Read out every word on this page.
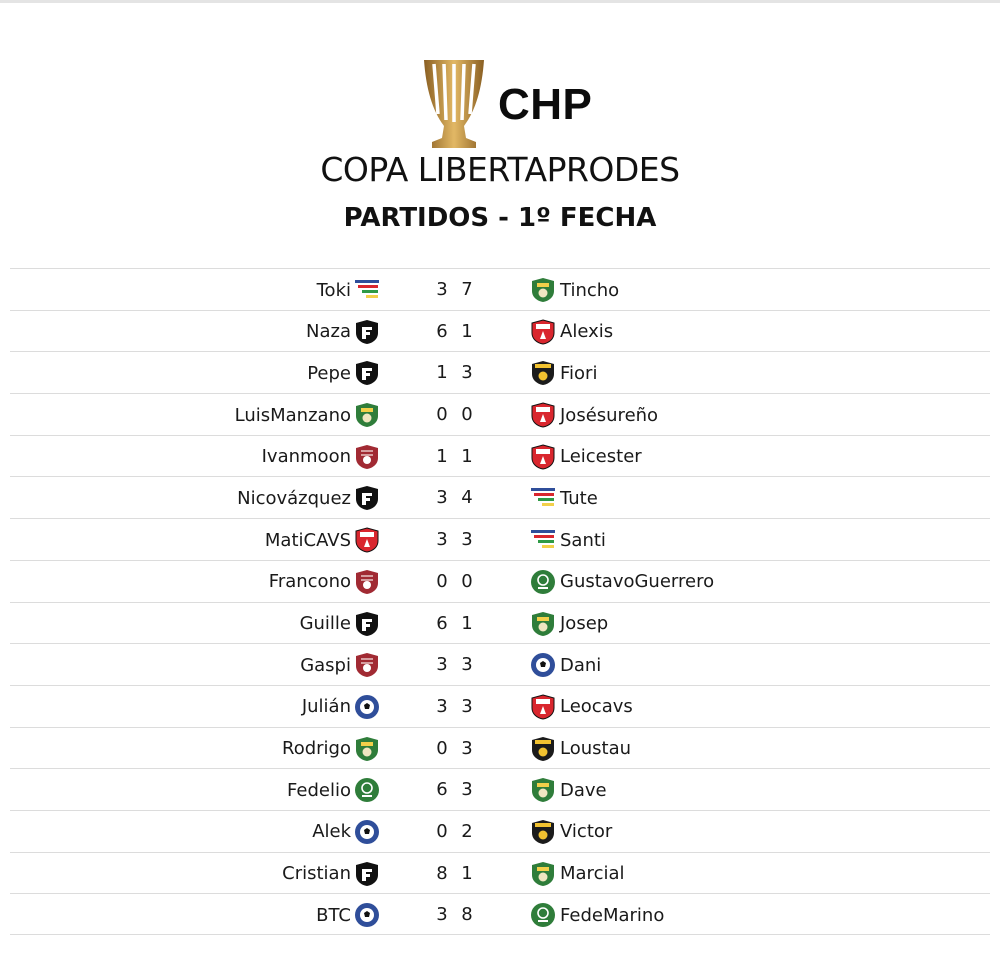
CHP
COPA LIBERTAPRODES
PARTIDOS - 1º FECHA
Toki	3 7	Tincho
Naza	6 1	Alexis
Pepe	1 3	Fiori
LuisManzano	0 0	Josésureño
Ivanmoon	1 1	Leicester
Nicovázquez	3 4	Tute
MatiCAVS	3 3	Santi
Francono	0 0	GustavoGuerrero
Guille	6 1	Josep
Gaspi	3 3	Dani
Julián	3 3	Leocavs
Rodrigo	0 3	Loustau
Fedelio	6 3	Dave
Alek	0 2	Victor
Cristian	8 1	Marcial
BTC	3 8	FedeMarino
